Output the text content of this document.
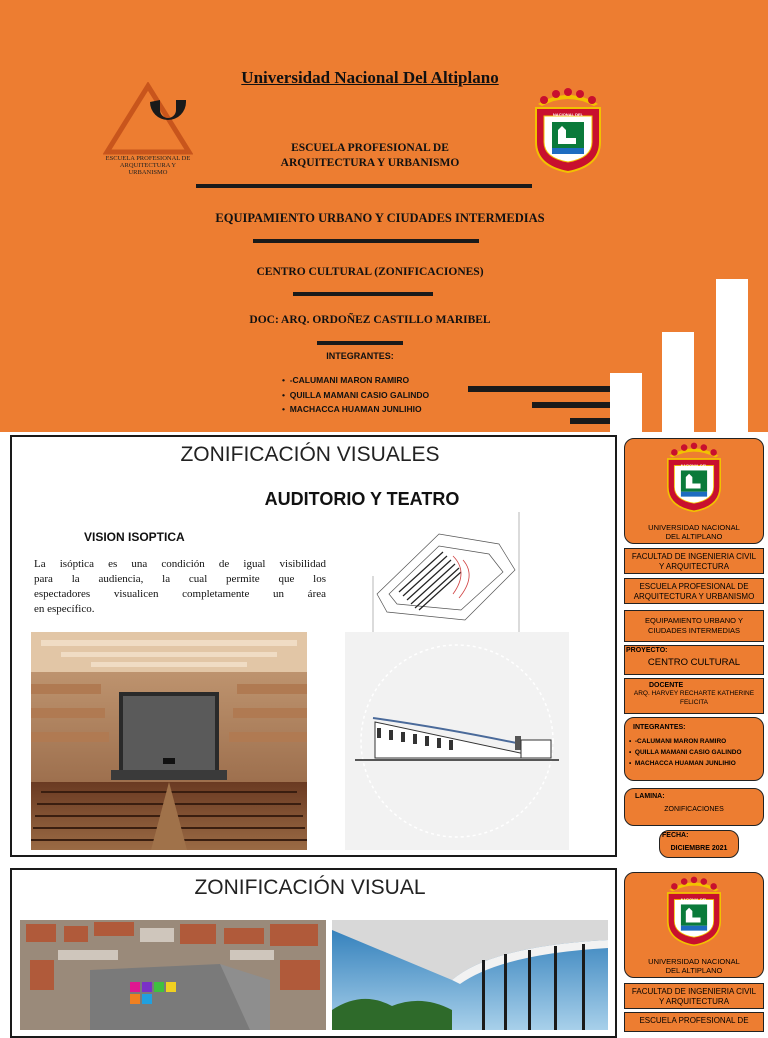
ESCUELA PROFESIONAL DE
ARQUITECTURA Y
URBANISMO
Universidad Nacional Del Altiplano
ESCUELA PROFESIONAL DE
ARQUITECTURA Y URBANISMO
EQUIPAMIENTO URBANO Y CIUDADES INTERMEDIAS
CENTRO CULTURAL (ZONIFICACIONES)
DOC: ARQ. ORDOÑEZ CASTILLO MARIBEL
INTEGRANTES:
•  -CALUMANI MARON RAMIRO
•  QUILLA MAMANI CASIO GALINDO
•  MACHACCA HUAMAN JUNLIHIO
NACIONAL DEL
ZONIFICACIÓN VISUALES
AUDITORIO Y TEATRO
VISION ISOPTICA
La isóptica es una condición de igual visibilidad
para la audiencia, la cual permite que los
espectadores visualicen completamente un área
en específico.
NACIONAL DEL
UNIVERSIDAD NACIONAL
DEL ALTIPLANO
FACULTAD DE INGENIERIA CIVIL
Y ARQUITECTURA
ESCUELA PROFESIONAL DE
ARQUITECTURA Y URBANISMO
EQUIPAMIENTO URBANO Y
CIUDADES INTERMEDIAS
PROYECTO:
CENTRO CULTURAL
DOCENTE
ARQ. HARVEY RECHARTE KATHERINE
FELICITA
INTEGRANTES:
•  -CALUMANI MARON RAMIRO
•  QUILLA MAMANI CASIO GALINDO
•  MACHACCA HUAMAN JUNLIHIO
LAMINA:
ZONIFICACIONES
FECHA:
DICIEMBRE 2021
ZONIFICACIÓN VISUAL
NACIONAL DEL
UNIVERSIDAD NACIONAL
DEL ALTIPLANO
FACULTAD DE INGENIERIA CIVIL
Y ARQUITECTURA
ESCUELA PROFESIONAL DE
